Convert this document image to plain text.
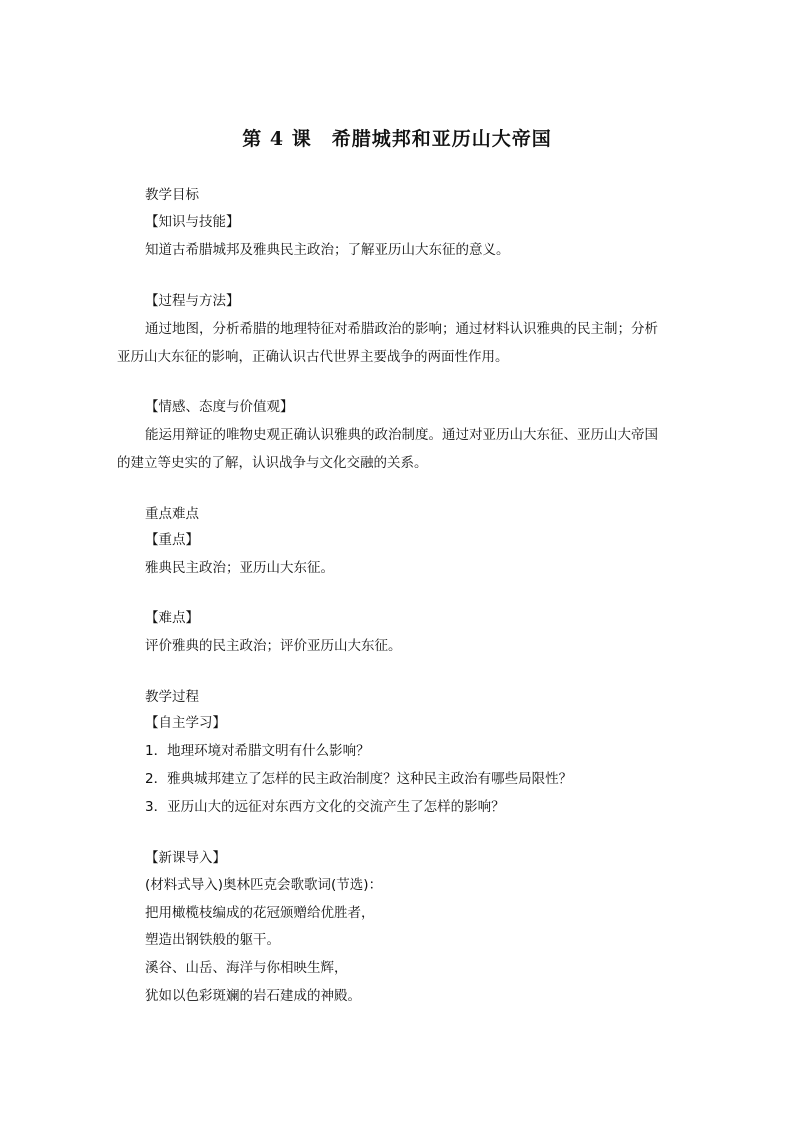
第 4 课　希腊城邦和亚历山大帝国
教学目标
【知识与技能】
知道古希腊城邦及雅典民主政治；了解亚历山大东征的意义。
【过程与方法】
通过地图，分析希腊的地理特征对希腊政治的影响；通过材料认识雅典的民主制；分析
亚历山大东征的影响，正确认识古代世界主要战争的两面性作用。
【情感、态度与价值观】
能运用辩证的唯物史观正确认识雅典的政治制度。通过对亚历山大东征、亚历山大帝国
的建立等史实的了解，认识战争与文化交融的关系。
重点难点
【重点】
雅典民主政治；亚历山大东征。
【难点】
评价雅典的民主政治；评价亚历山大东征。
教学过程
【自主学习】
1．地理环境对希腊文明有什么影响？
2．雅典城邦建立了怎样的民主政治制度？这种民主政治有哪些局限性？
3．亚历山大的远征对东西方文化的交流产生了怎样的影响？
【新课导入】
(材料式导入)奥林匹克会歌歌词(节选)：
把用橄榄枝编成的花冠颁赠给优胜者，
塑造出钢铁般的躯干。
溪谷、山岳、海洋与你相映生辉，
犹如以色彩斑斓的岩石建成的神殿。
